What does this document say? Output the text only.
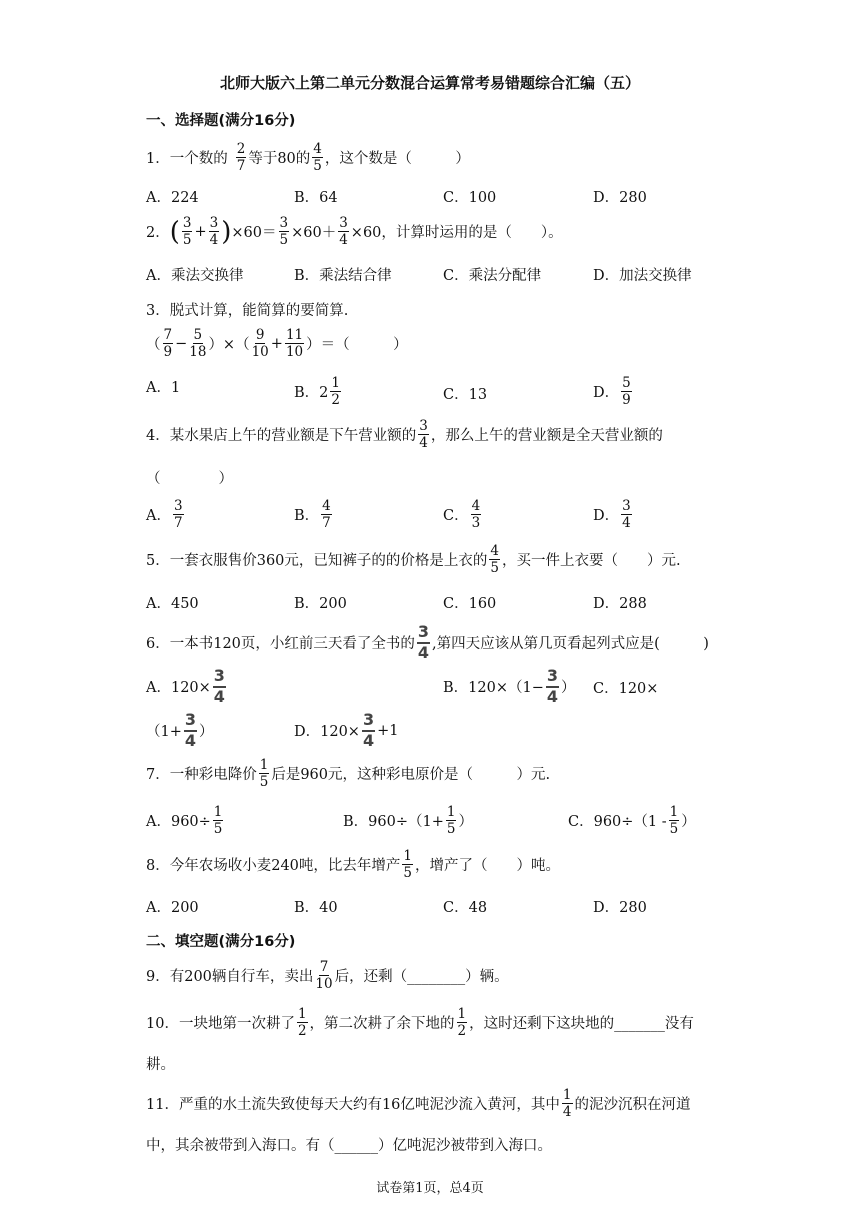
北师大版六上第二单元分数混合运算常考易错题综合汇编（五）
一、选择题(满分16分)
1．一个数的 $\frac{2}{7}$ 等于80的 $\frac{4}{5}$ ，这个数是（　　　）
A．224	B．64	C．100	D．280
2． ( $\frac{3}{5} + \frac{3}{4}$ ) $\times 60= \frac{3}{5} \times 60+ \frac{3}{4} \times 60$，计算时运用的是（　　）。
A．乘法交换律	B．乘法结合律	C．乘法分配律	D．加法交换律
3．脱式计算，能简算的要简算.
（ $\frac{7}{9} - \frac{5}{18}$ ）×（ $\frac{9}{10} + \frac{11}{10}$ ）＝（　　　）
A．1	B．$2 \frac{1}{2}$	C．13	D． $\frac{5}{9}$
4．某水果店上午的营业额是下午营业额的 $\frac{3}{4}$ ，那么上午的营业额是全天营业额的
（　　　　）
A． $\frac{3}{7}$	B． $\frac{4}{7}$	C． $\frac{4}{3}$	D． $\frac{3}{4}$
5．一套衣服售价360元，已知裤子的的价格是上衣的 $\frac{4}{5}$ ，买一件上衣要（　　）元.
A．450	B．200	C．160	D．288
6．一本书120页，小红前三天看了全书的 $\frac{3}{4}$ ,第四天应该从第几页看起列式应是(　　　)
A．$120\times \frac{3}{4}$	B．$120\times(1- \frac{3}{4}$ ） C．120×
（$1+ \frac{3}{4}$ ）	D．$120\times \frac{3}{4} +1$
7．一种彩电降价 $\frac{1}{5}$ 后是960元，这种彩电原价是（　　　）元.
A．$960\div \frac{1}{5}$	B．$960\div(1+ \frac{1}{5}$ ）	C．$960\div(1 - \frac{1}{5}$ ）
8．今年农场收小麦240吨，比去年增产 $\frac{1}{5}$ ，增产了（　　）吨。
A．200	B．40	C．48	D．280
二、填空题(满分16分)
9．有200辆自行车，卖出 $\frac{7}{10}$ 后，还剩（________）辆。
10．一块地第一次耕了 $\frac{1}{2}$ ，第二次耕了余下地的 $\frac{1}{2}$ ，这时还剩下这块地的_______没有
耕。
11．严重的水土流失致使每天大约有16亿吨泥沙流入黄河，其中 $\frac{1}{4}$ 的泥沙沉积在河道
中，其余被带到入海口。有（______）亿吨泥沙被带到入海口。
试卷第1页，总4页
